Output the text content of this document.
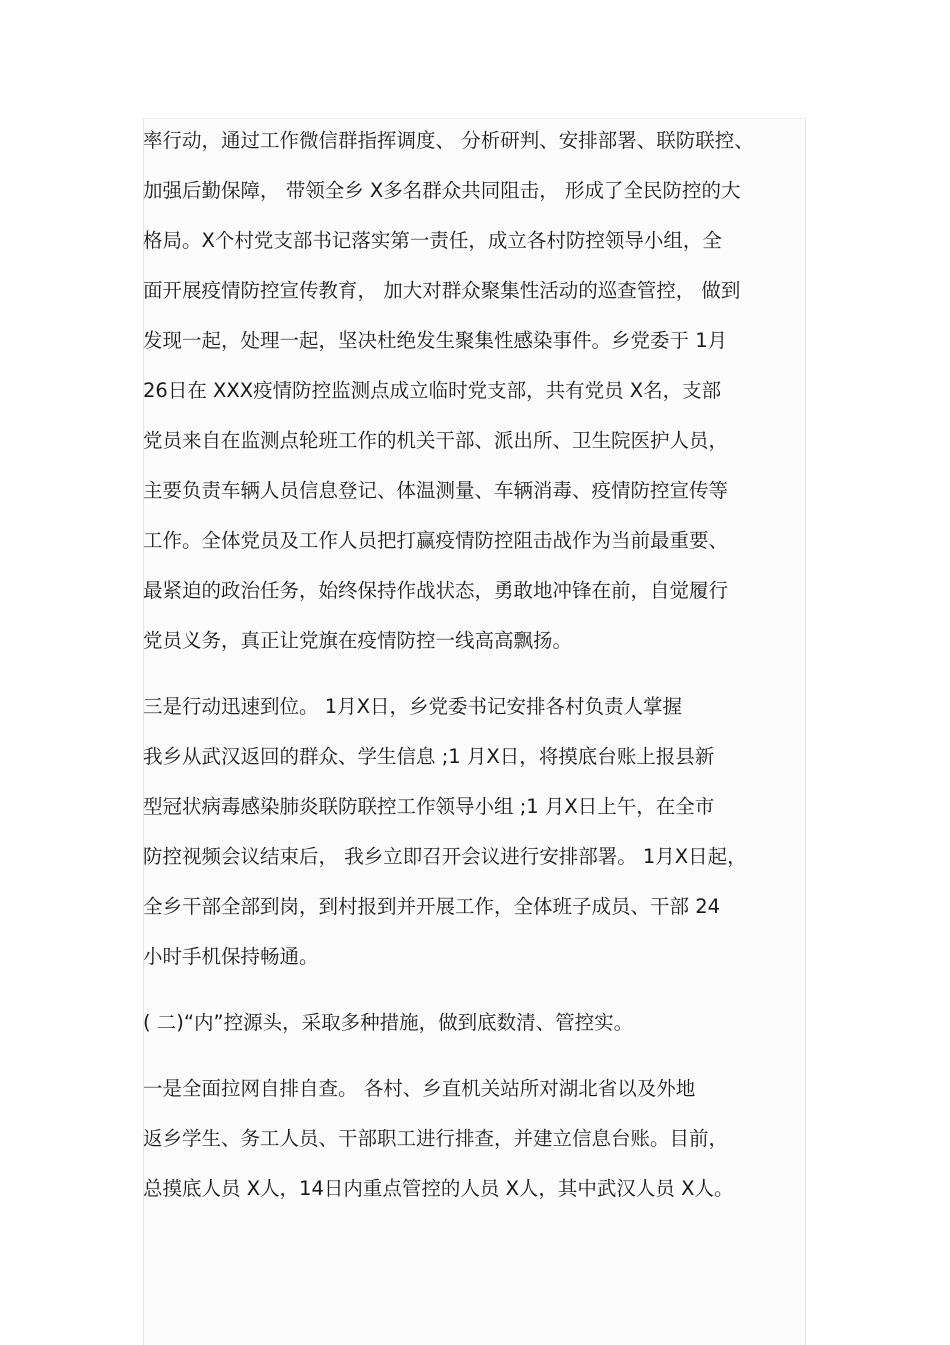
率行动，通过工作微信群指挥调度、 分析研判、安排部署、联防联控、
加强后勤保障， 带领全乡 X多名群众共同阻击， 形成了全民防控的大
格局。X个村党支部书记落实第一责任，成立各村防控领导小组，全
面开展疫情防控宣传教育， 加大对群众聚集性活动的巡查管控， 做到
发现一起，处理一起，坚决杜绝发生聚集性感染事件。乡党委于 1月
26日在 XXX疫情防控监测点成立临时党支部，共有党员 X名，支部
党员来自在监测点轮班工作的机关干部、派出所、卫生院医护人员，
主要负责车辆人员信息登记、体温测量、车辆消毒、疫情防控宣传等
工作。全体党员及工作人员把打赢疫情防控阻击战作为当前最重要、
最紧迫的政治任务，始终保持作战状态，勇敢地冲锋在前，自觉履行
党员义务，真正让党旗在疫情防控一线高高飘扬。
三是行动迅速到位。 1月X日，乡党委书记安排各村负责人掌握
我乡从武汉返回的群众、学生信息 ;1 月X日，将摸底台账上报县新
型冠状病毒感染肺炎联防联控工作领导小组 ;1 月X日上午，在全市
防控视频会议结束后， 我乡立即召开会议进行安排部署。 1月X日起，
全乡干部全部到岗，到村报到并开展工作，全体班子成员、干部 24
小时手机保持畅通。
( 二)“内”控源头，采取多种措施，做到底数清、管控实。
一是全面拉网自排自查。 各村、乡直机关站所对湖北省以及外地
返乡学生、务工人员、干部职工进行排查，并建立信息台账。目前，
总摸底人员 X人，14日内重点管控的人员 X人，其中武汉人员 X人。
